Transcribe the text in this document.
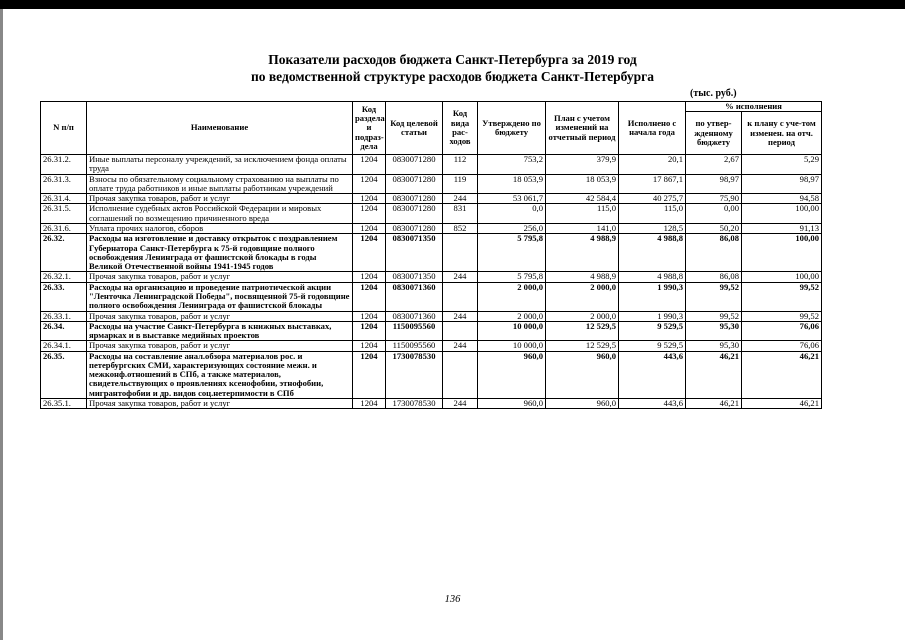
Показатели расходов бюджета Санкт-Петербурга за 2019 год
по ведомственной структуре расходов бюджета Санкт-Петербурга
(тыс. руб.)
N п/п	Наименование	Код раздела и подраз-дела	Код целевой статьи	Код вида рас-ходов	Утверждено по бюджету	План с учетом изменений на отчетный период	Исполнено с начала года	% исполнения	
								по утвер-жденному бюджету	к плану с уче-том изменен. на отч. период
26.31.2.	Иные выплаты персоналу учреждений, за исключением фонда оплаты труда	1204	0830071280	112	753,2	379,9	20,1	2,67	5,29
26.31.3.	Взносы по обязательному социальному страхованию на выплаты по оплате труда работников и иные выплаты работникам учреждений	1204	0830071280	119	18 053,9	18 053,9	17 867,1	98,97	98,97
26.31.4.	Прочая закупка товаров, работ и услуг	1204	0830071280	244	53 061,7	42 584,4	40 275,7	75,90	94,58
26.31.5.	Исполнение судебных актов Российской Федерации и мировых соглашений по возмещению причиненного вреда	1204	0830071280	831	0,0	115,0	115,0	0,00	100,00
26.31.6.	Уплата прочих налогов, сборов	1204	0830071280	852	256,0	141,0	128,5	50,20	91,13
26.32.	Расходы на изготовление и доставку открыток с поздравлением Губернатора Санкт-Петербурга к 75-й годовщине полного освобождения Ленинграда от фашистской блокады в годы Великой Отечественной войны 1941-1945 годов	1204	0830071350		5 795,8	4 988,9	4 988,8	86,08	100,00
26.32.1.	Прочая закупка товаров, работ и услуг	1204	0830071350	244	5 795,8	4 988,9	4 988,8	86,08	100,00
26.33.	Расходы на организацию и проведение патриотической акции "Ленточка Ленинградской Победы", посвященной 75-й годовщине полного освобождения Ленинграда от фашистской блокады	1204	0830071360		2 000,0	2 000,0	1 990,3	99,52	99,52
26.33.1.	Прочая закупка товаров, работ и услуг	1204	0830071360	244	2 000,0	2 000,0	1 990,3	99,52	99,52
26.34.	Расходы на участие Санкт-Петербурга в книжных выставках, ярмарках и в выставке медийных проектов	1204	1150095560		10 000,0	12 529,5	9 529,5	95,30	76,06
26.34.1.	Прочая закупка товаров, работ и услуг	1204	1150095560	244	10 000,0	12 529,5	9 529,5	95,30	76,06
26.35.	Расходы на составление анал.обзора материалов рос. и петербургских СМИ, характеризующих состояние межн. и межконф.отношений в СПб, а также материалов, свидетельствующих о проявлениях ксенофобии, этнофобии, мигрантофобии и др. видов соц.нетерпимости в СПб	1204	1730078530		960,0	960,0	443,6	46,21	46,21
26.35.1.	Прочая закупка товаров, работ и услуг	1204	1730078530	244	960,0	960,0	443,6	46,21	46,21
136
